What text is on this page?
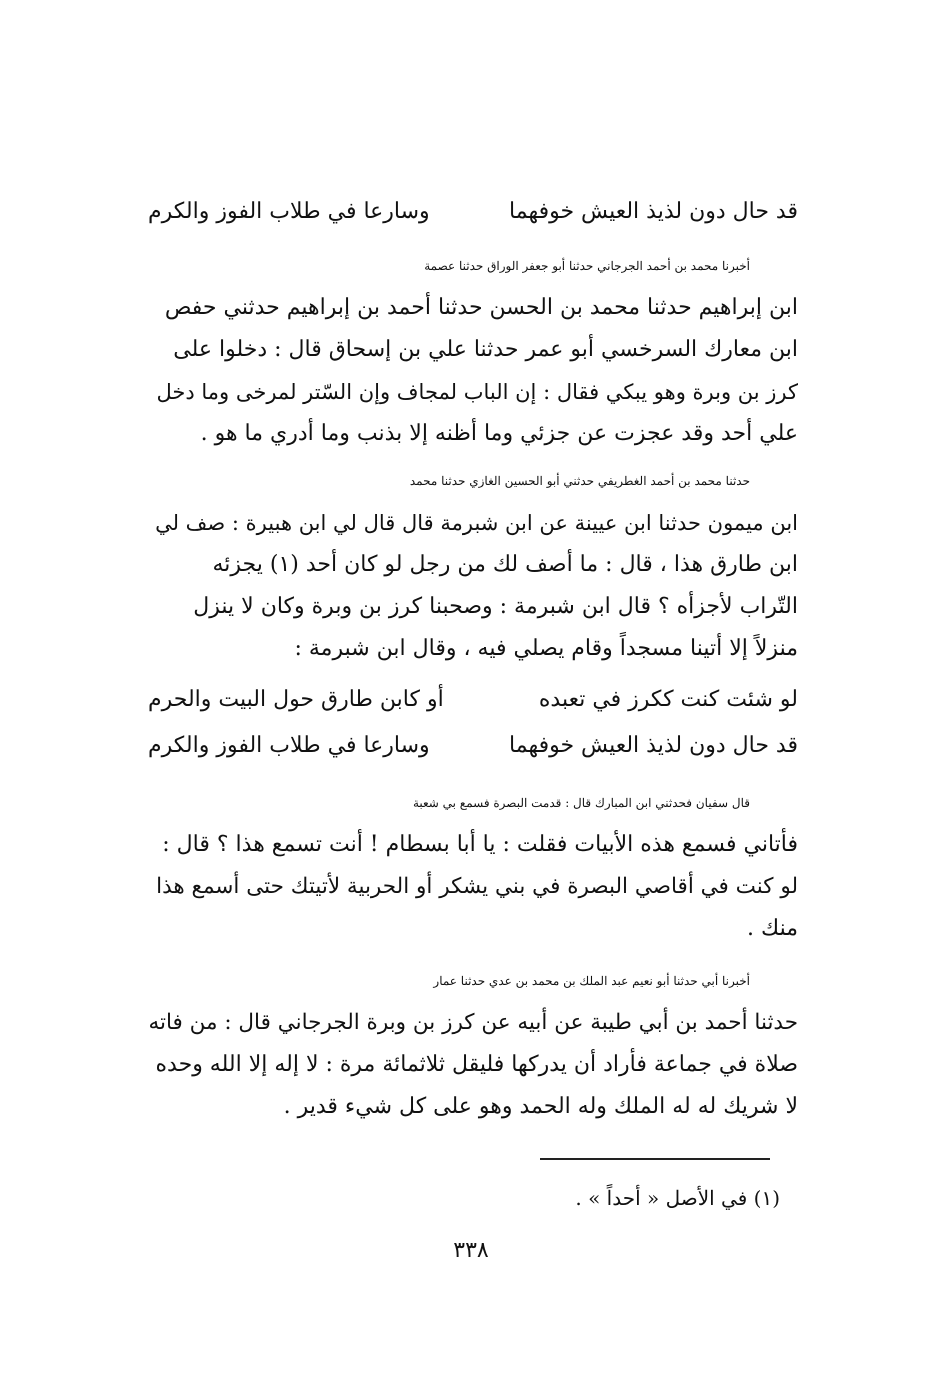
قد حال دون لذيذ العيش خوفهما
وسارعا في طلاب الفوز والكرم

أخبرنا محمد بن أحمد الجرجاني حدثنا أبو جعفر الوراق حدثنا عصمة

ابن إبراهيم حدثنا محمد بن الحسن حدثنا أحمد بن إبراهيم حدثني حفص

ابن معارك السرخسي أبو عمر حدثنا علي بن إسحاق قال : دخلوا على

كرز بن وبرة وهو يبكي فقال : إن الباب لمجاف وإن السّتر لمرخى وما دخل

علي أحد وقد عجزت عن جزئي وما أظنه إلا بذنب وما أدري ما هو .

حدثنا محمد بن أحمد الغطريفي حدثني أبو الحسين الغازي حدثنا محمد

ابن ميمون حدثنا ابن عيينة عن ابن شبرمة قال قال لي ابن هبيرة : صف لي

ابن طارق هذا ، قال : ما أصف لك من رجل لو كان أحد (١) يجزئه

التّراب لأجزأه ؟ قال ابن شبرمة : وصحبنا كرز بن وبرة وكان لا ينزل

منزلاً إلا أتينا مسجداً وقام يصلي فيه ، وقال ابن شبرمة :

لو شئت كنت ككرز في تعبده
أو كابن طارق حول البيت والحرم
قد حال دون لذيذ العيش خوفهما
وسارعا في طلاب الفوز والكرم

قال سفيان فحدثني ابن المبارك قال : قدمت البصرة فسمع بي شعبة

فأتاني فسمع هذه الأبيات فقلت : يا أبا بسطام ! أنت تسمع هذا ؟ قال :

لو كنت في أقاصي البصرة في بني يشكر أو الحربية لأتيتك حتى أسمع هذا

منك .

أخبرنا أبي حدثنا أبو نعيم عبد الملك بن محمد بن عدي حدثنا عمار

حدثنا أحمد بن أبي طيبة عن أبيه عن كرز بن وبرة الجرجاني قال : من فاته

صلاة في جماعة فأراد أن يدركها فليقل ثلاثمائة مرة : لا إله إلا الله وحده

لا شريك له له الملك وله الحمد وهو على كل شيء قدير .

(١) في الأصل « أحداً » .
٣٣٨
